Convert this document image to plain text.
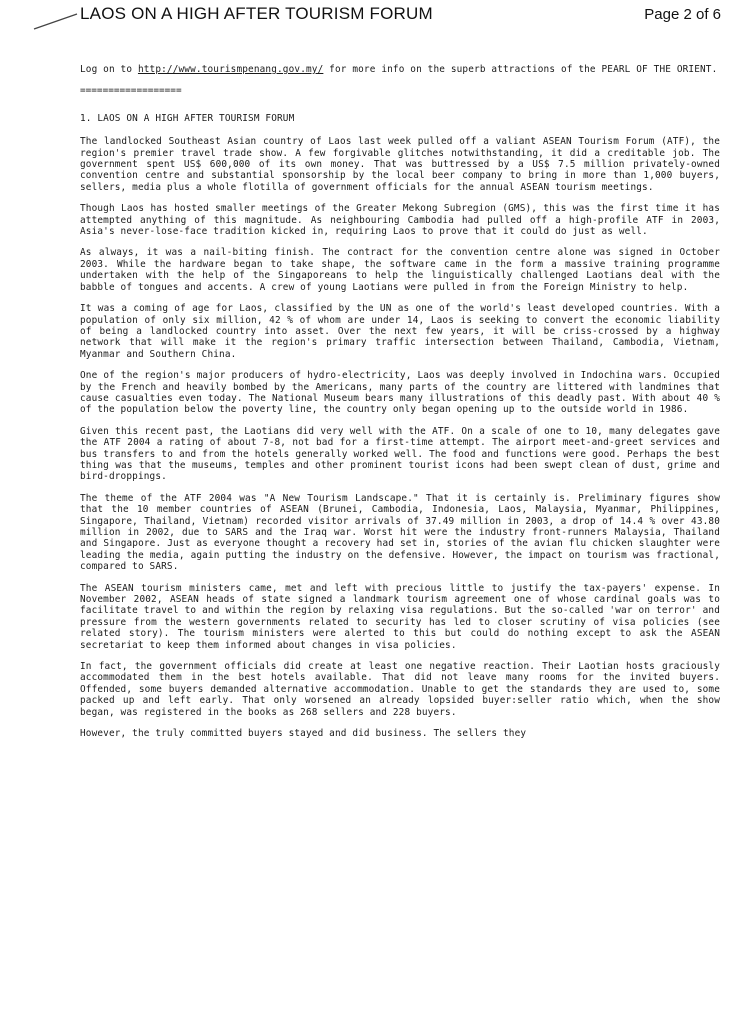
LAOS ON A HIGH AFTER TOURISM FORUM	Page 2 of 6

Log on to http://www.tourismpenang.gov.my/ for more info on the superb attractions of the PEARL OF THE ORIENT.

==================
1. LAOS ON A HIGH AFTER TOURISM FORUM

The landlocked Southeast Asian country of Laos last week pulled off a valiant ASEAN Tourism Forum (ATF), the region's premier travel trade show. A few forgivable glitches notwithstanding, it did a creditable job. The government spent US$ 600,000 of its own money. That was buttressed by a US$ 7.5 million privately-owned convention centre and substantial sponsorship by the local beer company to bring in more than 1,000 buyers, sellers, media plus a whole flotilla of government officials for the annual ASEAN tourism meetings.

Though Laos has hosted smaller meetings of the Greater Mekong Subregion (GMS), this was the first time it has attempted anything of this magnitude. As neighbouring Cambodia had pulled off a high-profile ATF in 2003, Asia's never-lose-face tradition kicked in, requiring Laos to prove that it could do just as well.

As always, it was a nail-biting finish. The contract for the convention centre alone was signed in October 2003. While the hardware began to take shape, the software came in the form a massive training programme undertaken with the help of the Singaporeans to help the linguistically challenged Laotians deal with the babble of tongues and accents. A crew of young Laotians were pulled in from the Foreign Ministry to help.

It was a coming of age for Laos, classified by the UN as one of the world's least developed countries. With a population of only six million, 42 % of whom are under 14, Laos is seeking to convert the economic liability of being a landlocked country into asset. Over the next few years, it will be criss-crossed by a highway network that will make it the region's primary traffic intersection between Thailand, Cambodia, Vietnam, Myanmar and Southern China.

One of the region's major producers of hydro-electricity, Laos was deeply involved in Indochina wars. Occupied by the French and heavily bombed by the Americans, many parts of the country are littered with landmines that cause casualties even today. The National Museum bears many illustrations of this deadly past. With about 40 % of the population below the poverty line, the country only began opening up to the outside world in 1986.

Given this recent past, the Laotians did very well with the ATF. On a scale of one to 10, many delegates gave the ATF 2004 a rating of about 7-8, not bad for a first-time attempt. The airport meet-and-greet services and bus transfers to and from the hotels generally worked well. The food and functions were good. Perhaps the best thing was that the museums, temples and other prominent tourist icons had been swept clean of dust, grime and bird-droppings.

The theme of the ATF 2004 was "A New Tourism Landscape." That it is certainly is. Preliminary figures show that the 10 member countries of ASEAN (Brunei, Cambodia, Indonesia, Laos, Malaysia, Myanmar, Philippines, Singapore, Thailand, Vietnam) recorded visitor arrivals of 37.49 million in 2003, a drop of 14.4 % over 43.80 million in 2002, due to SARS and the Iraq war. Worst hit were the industry front-runners Malaysia, Thailand and Singapore. Just as everyone thought a recovery had set in, stories of the avian flu chicken slaughter were leading the media, again putting the industry on the defensive. However, the impact on tourism was fractional, compared to SARS.

The ASEAN tourism ministers came, met and left with precious little to justify the tax-payers' expense. In November 2002, ASEAN heads of state signed a landmark tourism agreement one of whose cardinal goals was to facilitate travel to and within the region by relaxing visa regulations. But the so-called 'war on terror' and pressure from the western governments related to security has led to closer scrutiny of visa policies (see related story). The tourism ministers were alerted to this but could do nothing except to ask the ASEAN secretariat to keep them informed about changes in visa policies.

In fact, the government officials did create at least one negative reaction. Their Laotian hosts graciously accommodated them in the best hotels available. That did not leave many rooms for the invited buyers. Offended, some buyers demanded alternative accommodation. Unable to get the standards they are used to, some packed up and left early. That only worsened an already lopsided buyer:seller ratio which, when the show began, was registered in the books as 268 sellers and 228 buyers.

However, the truly committed buyers stayed and did business. The sellers they
